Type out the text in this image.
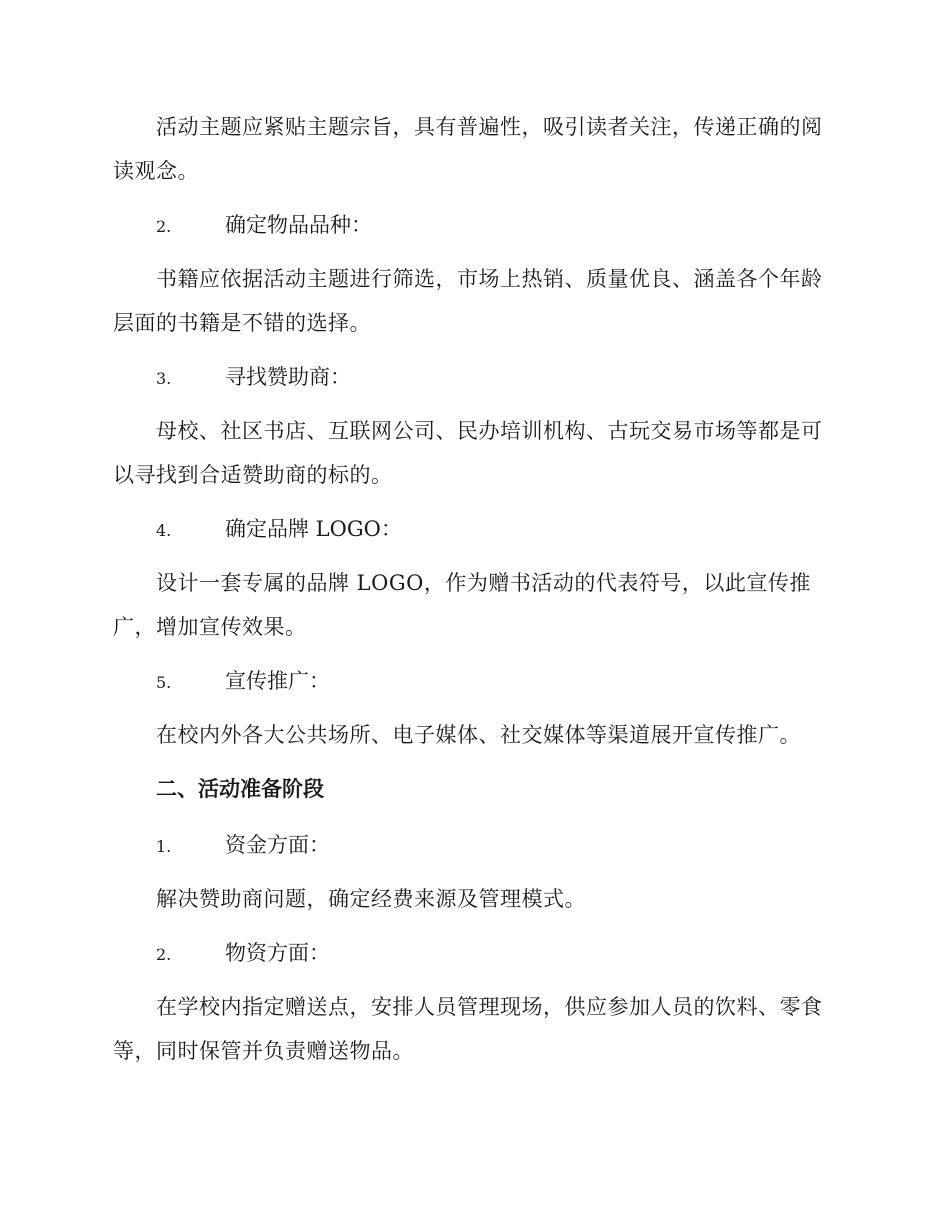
活动主题应紧贴主题宗旨，具有普遍性，吸引读者关注，传递正确的阅读观念。

2.	确定物品品种：

书籍应依据活动主题进行筛选，市场上热销、质量优良、涵盖各个年龄层面的书籍是不错的选择。

3.	寻找赞助商：

母校、社区书店、互联网公司、民办培训机构、古玩交易市场等都是可以寻找到合适赞助商的标的。

4.	确定品牌 LOGO：

设计一套专属的品牌 LOGO，作为赠书活动的代表符号，以此宣传推广，增加宣传效果。

5.	宣传推广：

在校内外各大公共场所、电子媒体、社交媒体等渠道展开宣传推广。

二、活动准备阶段

1.	资金方面：

解决赞助商问题，确定经费来源及管理模式。

2.	物资方面：

在学校内指定赠送点，安排人员管理现场，供应参加人员的饮料、零食等，同时保管并负责赠送物品。
